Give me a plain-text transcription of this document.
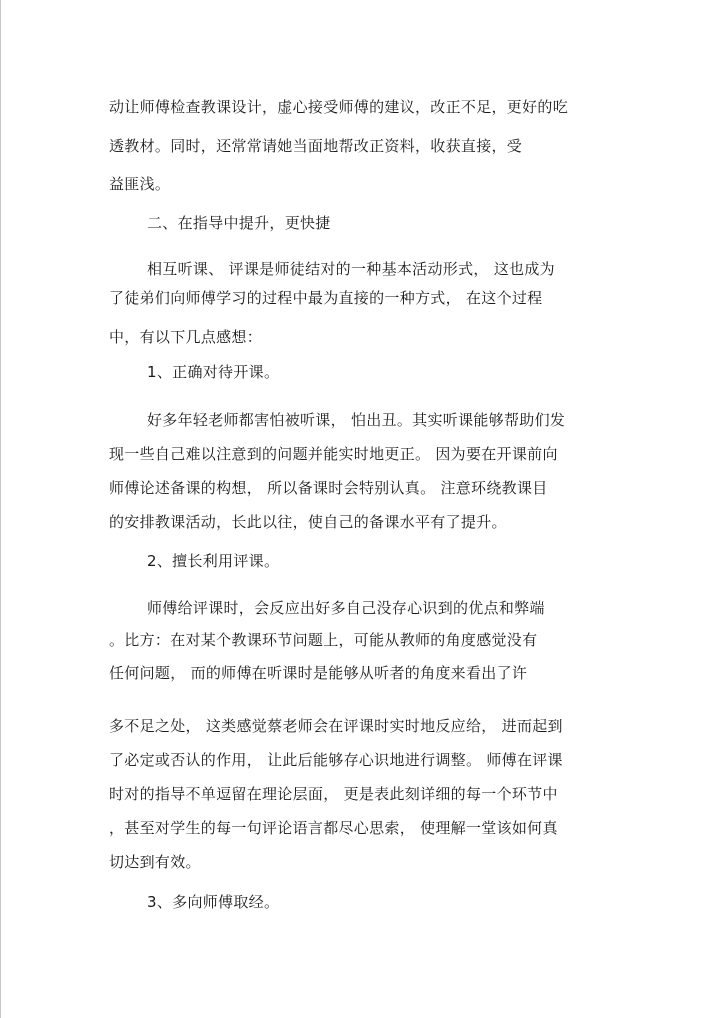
动让师傅检查教课设计，虚心接受师傅的建议，改正不足，更好的吃
透教材。同时，还常常请她当面地帮改正资料，收获直接，受
益匪浅。
二、在指导中提升，更快捷
相互听课、 评课是师徒结对的一种基本活动形式， 这也成为
了徒弟们向师傅学习的过程中最为直接的一种方式， 在这个过程
中，有以下几点感想：
1、正确对待开课。
好多年轻老师都害怕被听课， 怕出丑。其实听课能够帮助们发
现一些自己难以注意到的问题并能实时地更正。 因为要在开课前向
师傅论述备课的构想， 所以备课时会特别认真。 注意环绕教课目
的安排教课活动，长此以往，使自己的备课水平有了提升。
2、擅长利用评课。
师傅给评课时，会反应出好多自己没存心识到的优点和弊端
。比方：在对某个教课环节问题上，可能从教师的角度感觉没有
任何问题， 而的师傅在听课时是能够从听者的角度来看出了许
多不足之处， 这类感觉蔡老师会在评课时实时地反应给， 进而起到
了必定或否认的作用， 让此后能够存心识地进行调整。 师傅在评课
时对的指导不单逗留在理论层面， 更是表此刻详细的每一个环节中
，甚至对学生的每一句评论语言都尽心思索， 使理解一堂该如何真
切达到有效。
3、多向师傅取经。
